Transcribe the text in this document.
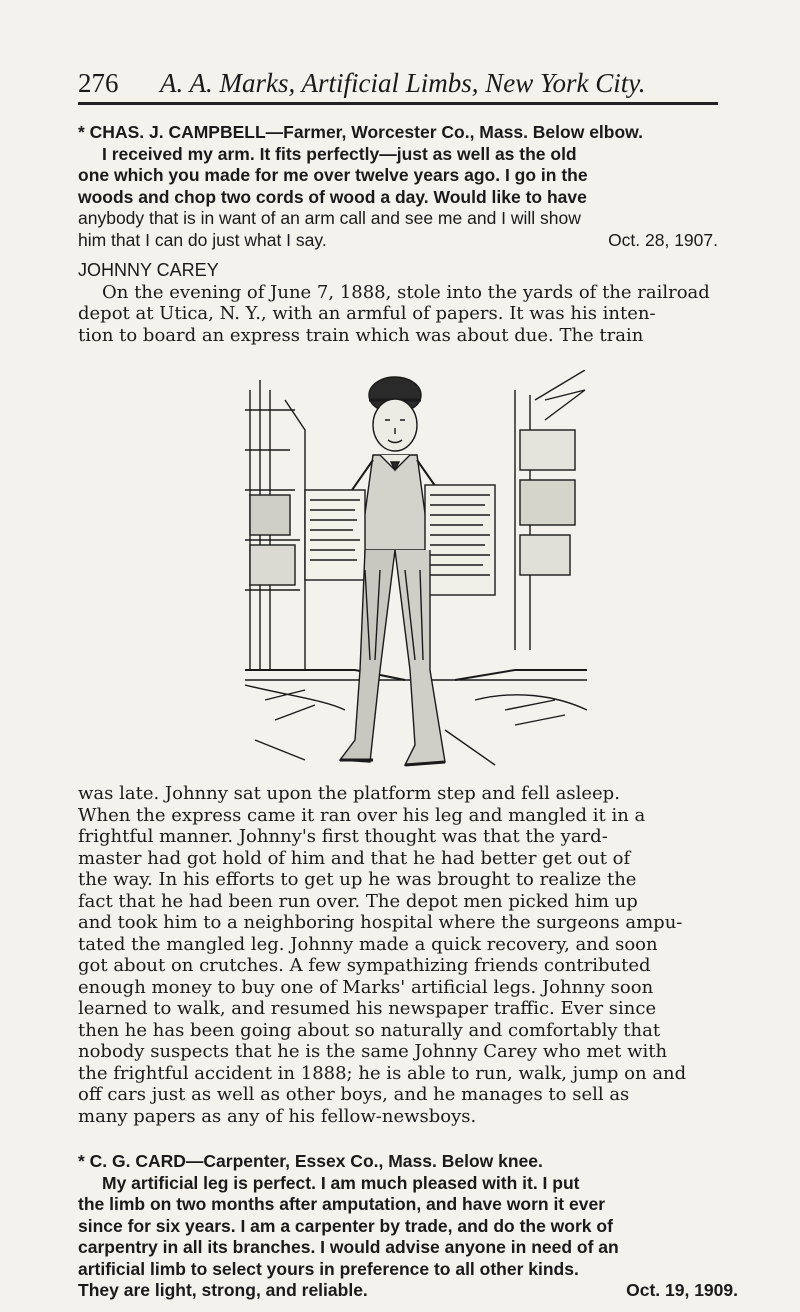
276 A. A. Marks, Artificial Limbs, New York City.

* CHAS. J. CAMPBELL—Farmer, Worcester Co., Mass. Below elbow.

I received my arm. It fits perfectly—just as well as the old

one which you made for me over twelve years ago. I go in the

woods and chop two cords of wood a day. Would like to have

anybody that is in want of an arm call and see me and I will show

him that I can do just what I say.	Oct. 28, 1907.

JOHNNY CAREY

On the evening of June 7, 1888, stole into the yards of the railroad

depot at Utica, N. Y., with an armful of papers. It was his inten-

tion to board an express train which was about due. The train

was late. Johnny sat upon the platform step and fell asleep.

When the express came it ran over his leg and mangled it in a

frightful manner. Johnny's first thought was that the yard-

master had got hold of him and that he had better get out of

the way. In his efforts to get up he was brought to realize the

fact that he had been run over. The depot men picked him up

and took him to a neighboring hospital where the surgeons ampu-

tated the mangled leg. Johnny made a quick recovery, and soon

got about on crutches. A few sympathizing friends contributed

enough money to buy one of Marks' artificial legs. Johnny soon

learned to walk, and resumed his newspaper traffic. Ever since

then he has been going about so naturally and comfortably that

nobody suspects that he is the same Johnny Carey who met with

the frightful accident in 1888; he is able to run, walk, jump on and

off cars just as well as other boys, and he manages to sell as

many papers as any of his fellow-newsboys.

* C. G. CARD—Carpenter, Essex Co., Mass. Below knee.

My artificial leg is perfect. I am much pleased with it. I put

the limb on two months after amputation, and have worn it ever

since for six years. I am a carpenter by trade, and do the work of

carpentry in all its branches. I would advise anyone in need of an

artificial limb to select yours in preference to all other kinds.

They are light, strong, and reliable.	Oct. 19, 1909.
